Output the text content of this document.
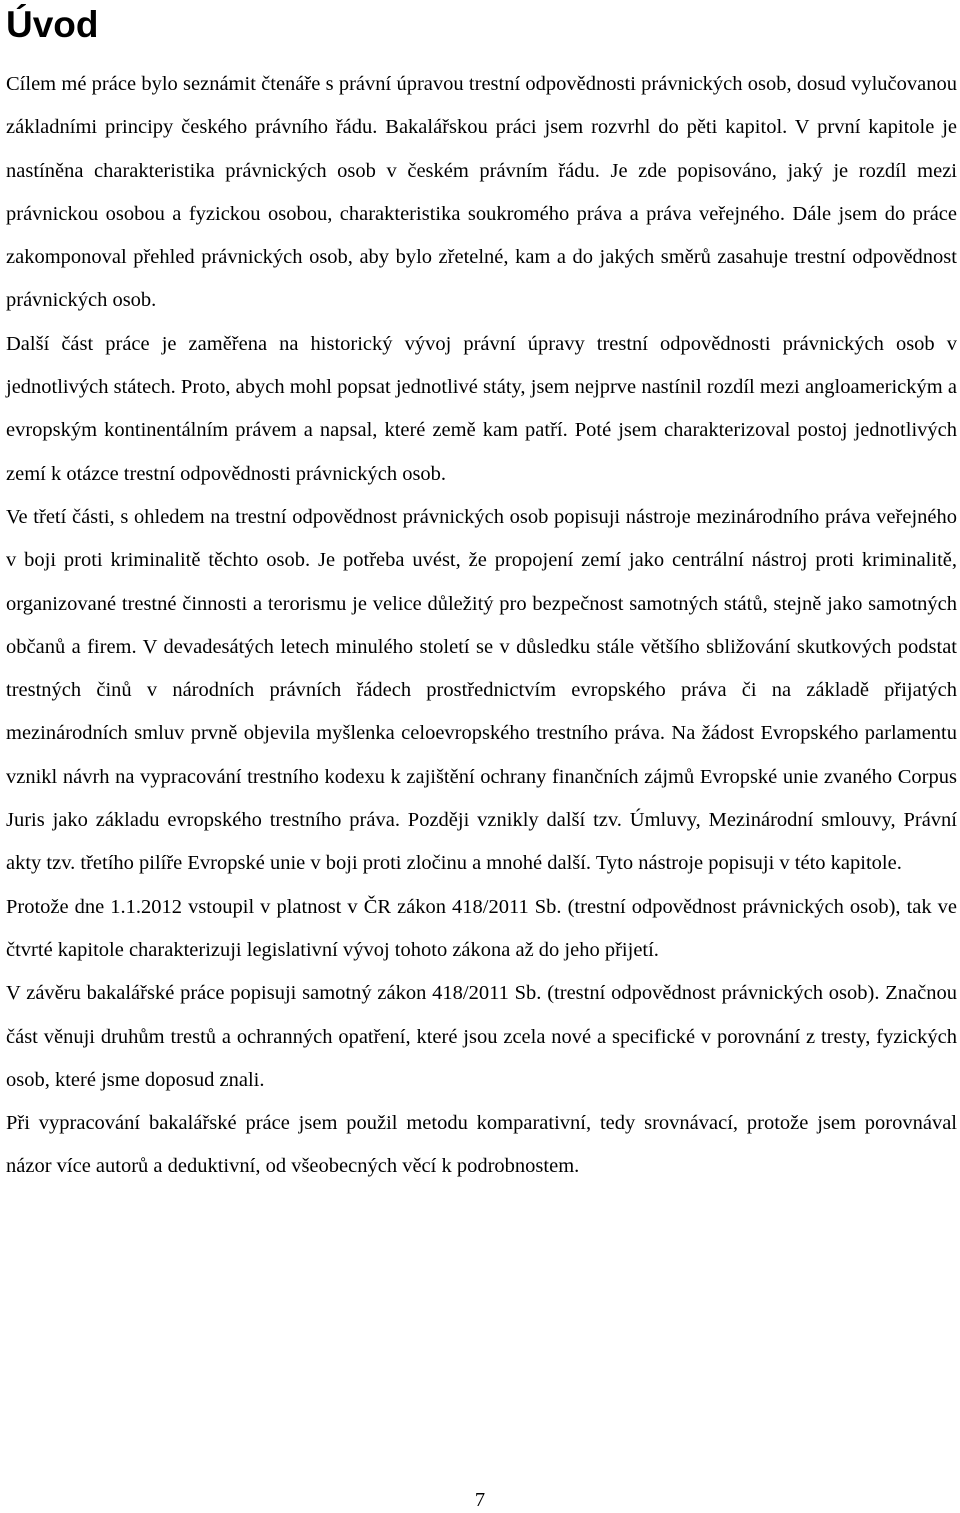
Úvod

Cílem mé práce bylo seznámit čtenáře s právní úpravou trestní odpovědnosti právnických osob, dosud vylučovanou základními principy českého právního řádu. Bakalářskou práci jsem rozvrhl do pěti kapitol. V první kapitole je nastíněna charakteristika právnických osob v českém právním řádu. Je zde popisováno, jaký je rozdíl mezi právnickou osobou a fyzickou osobou, charakteristika soukromého práva a práva veřejného. Dále jsem do práce zakomponoval přehled právnických osob, aby bylo zřetelné, kam a do jakých směrů zasahuje trestní odpovědnost právnických osob.

Další část práce je zaměřena na historický vývoj právní úpravy trestní odpovědnosti právnických osob v jednotlivých státech. Proto, abych mohl popsat jednotlivé státy, jsem nejprve nastínil rozdíl mezi angloamerickým a evropským kontinentálním právem a napsal, které země kam patří. Poté jsem charakterizoval postoj jednotlivých zemí k otázce trestní odpovědnosti právnických osob.

Ve třetí části, s ohledem na trestní odpovědnost právnických osob popisuji nástroje mezinárodního práva veřejného v boji proti kriminalitě těchto osob. Je potřeba uvést, že propojení zemí jako centrální nástroj proti kriminalitě, organizované trestné činnosti a terorismu je velice důležitý pro bezpečnost samotných států, stejně jako samotných občanů a firem. V devadesátých letech minulého století se v důsledku stále většího sbližování skutkových podstat trestných činů v národních právních řádech prostřednictvím evropského práva či na základě přijatých mezinárodních smluv prvně objevila myšlenka celoevropského trestního práva. Na žádost Evropského parlamentu vznikl návrh na vypracování trestního kodexu k zajištění ochrany finančních zájmů Evropské unie zvaného Corpus Juris jako základu evropského trestního práva. Později vznikly další tzv. Úmluvy, Mezinárodní smlouvy, Právní akty tzv. třetího pilíře Evropské unie v boji proti zločinu a mnohé další. Tyto nástroje popisuji v této kapitole.

Protože dne 1.1.2012 vstoupil v platnost v ČR zákon 418/2011 Sb. (trestní odpovědnost právnických osob), tak ve čtvrté kapitole charakterizuji legislativní vývoj tohoto zákona až do jeho přijetí.

V závěru bakalářské práce popisuji samotný zákon 418/2011 Sb. (trestní odpovědnost právnických osob). Značnou část věnuji druhům trestů a ochranných opatření, které jsou zcela nové a specifické v porovnání z tresty, fyzických osob, které jsme doposud znali.

Při vypracování bakalářské práce jsem použil metodu komparativní, tedy srovnávací, protože jsem porovnával názor více autorů a deduktivní, od všeobecných věcí k podrobnostem.

7
